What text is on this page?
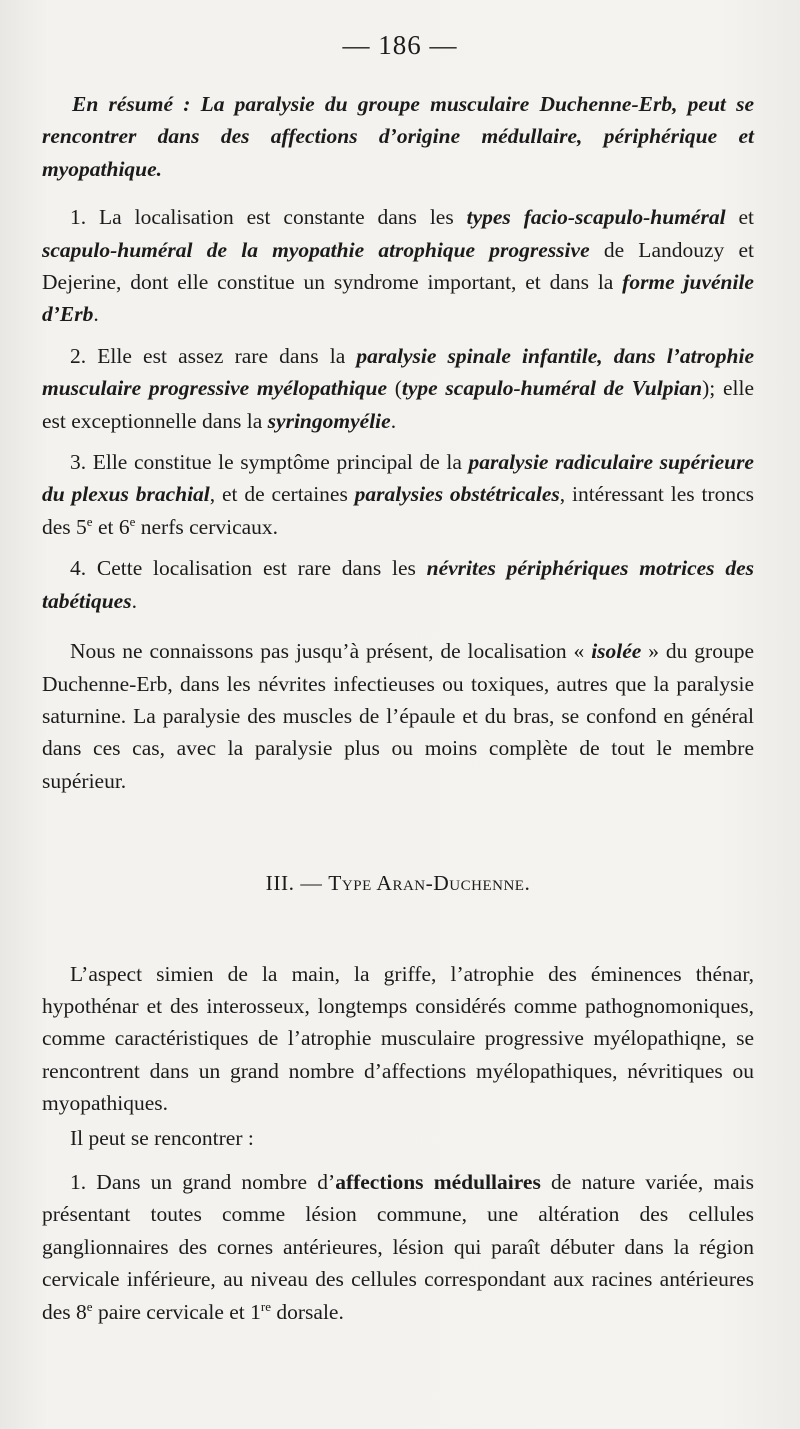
— 186 —

En résumé : La paralysie du groupe musculaire Duchenne-Erb, peut se rencontrer dans des affections d’origine médullaire, périphérique et myopathique.

1. La localisation est constante dans les types facio-scapulo-huméral et scapulo-huméral de la myopathie atrophique progressive de Landouzy et Dejerine, dont elle constitue un syndrome important, et dans la forme juvénile d’Erb.

2. Elle est assez rare dans la paralysie spinale infantile, dans l’atrophie musculaire progressive myélopathique (type scapulo-huméral de Vulpian); elle est exceptionnelle dans la syringomyélie.

3. Elle constitue le symptôme principal de la paralysie radiculaire supérieure du plexus brachial, et de certaines paralysies obstétricales, intéressant les troncs des 5e et 6e nerfs cervicaux.

4. Cette localisation est rare dans les névrites périphériques motrices des tabétiques.

Nous ne connaissons pas jusqu’à présent, de localisation « isolée » du groupe Duchenne-Erb, dans les névrites infectieuses ou toxiques, autres que la paralysie saturnine. La paralysie des muscles de l’épaule et du bras, se confond en général dans ces cas, avec la paralysie plus ou moins complète de tout le membre supérieur.

III. — Type Aran-Duchenne.

L’aspect simien de la main, la griffe, l’atrophie des éminences thénar, hypothénar et des interosseux, longtemps considérés comme pathognomoniques, comme caractéristiques de l’atrophie musculaire progressive myélopathiqne, se rencontrent dans un grand nombre d’affections myélopathiques, névritiques ou myopathiques.

Il peut se rencontrer :

1. Dans un grand nombre d’affections médullaires de nature variée, mais présentant toutes comme lésion commune, une altération des cellules ganglionnaires des cornes antérieures, lésion qui paraît débuter dans la région cervicale inférieure, au niveau des cellules correspondant aux racines antérieures des 8e paire cervicale et 1re dorsale.
